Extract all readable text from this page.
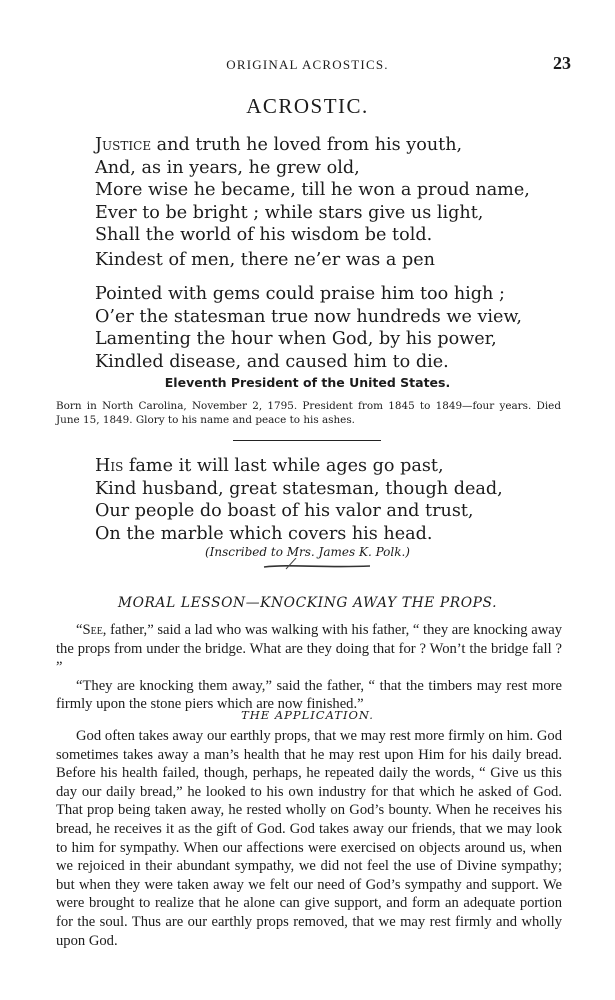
ORIGINAL ACROSTICS.	23
ACROSTIC.
Justice and truth he loved from his youth,
And, as in years, he grew old,
More wise he became, till he won a proud name,
Ever to be bright ; while stars give us light,
Shall the world of his wisdom be told.
Kindest of men, there ne’er was a pen
Pointed with gems could praise him too high ;
O’er the statesman true now hundreds we view,
Lamenting the hour when God, by his power,
Kindled disease, and caused him to die.
Eleventh President of the United States.
Born in North Carolina, November 2, 1795. President from 1845 to 1849—four years. Died June 15, 1849. Glory to his name and peace to his ashes.
His fame it will last while ages go past,
Kind husband, great statesman, though dead,
Our people do boast of his valor and trust,
On the marble which covers his head.
(Inscribed to Mrs. James K. Polk.)
MORAL LESSON—KNOCKING AWAY THE PROPS.

“See, father,” said a lad who was walking with his father, “ they are knocking away the props from under the bridge. What are they doing that for ? Won’t the bridge fall ? ”

“They are knocking them away,” said the father, “ that the timbers may rest more firmly upon the stone piers which are now finished.”

THE APPLICATION.

God often takes away our earthly props, that we may rest more firmly on him. God sometimes takes away a man’s health that he may rest upon Him for his daily bread. Before his health failed, though, perhaps, he repeated daily the words, “ Give us this day our daily bread,” he looked to his own industry for that which he asked of God. That prop being taken away, he rested wholly on God’s bounty. When he receives his bread, he receives it as the gift of God. God takes away our friends, that we may look to him for sympathy. When our affections were exercised on objects around us, when we rejoiced in their abundant sympathy, we did not feel the use of Divine sympathy; but when they were taken away we felt our need of God’s sympathy and support. We were brought to realize that he alone can give support, and form an adequate portion for the soul. Thus are our earthly props removed, that we may rest firmly and wholly upon God.
